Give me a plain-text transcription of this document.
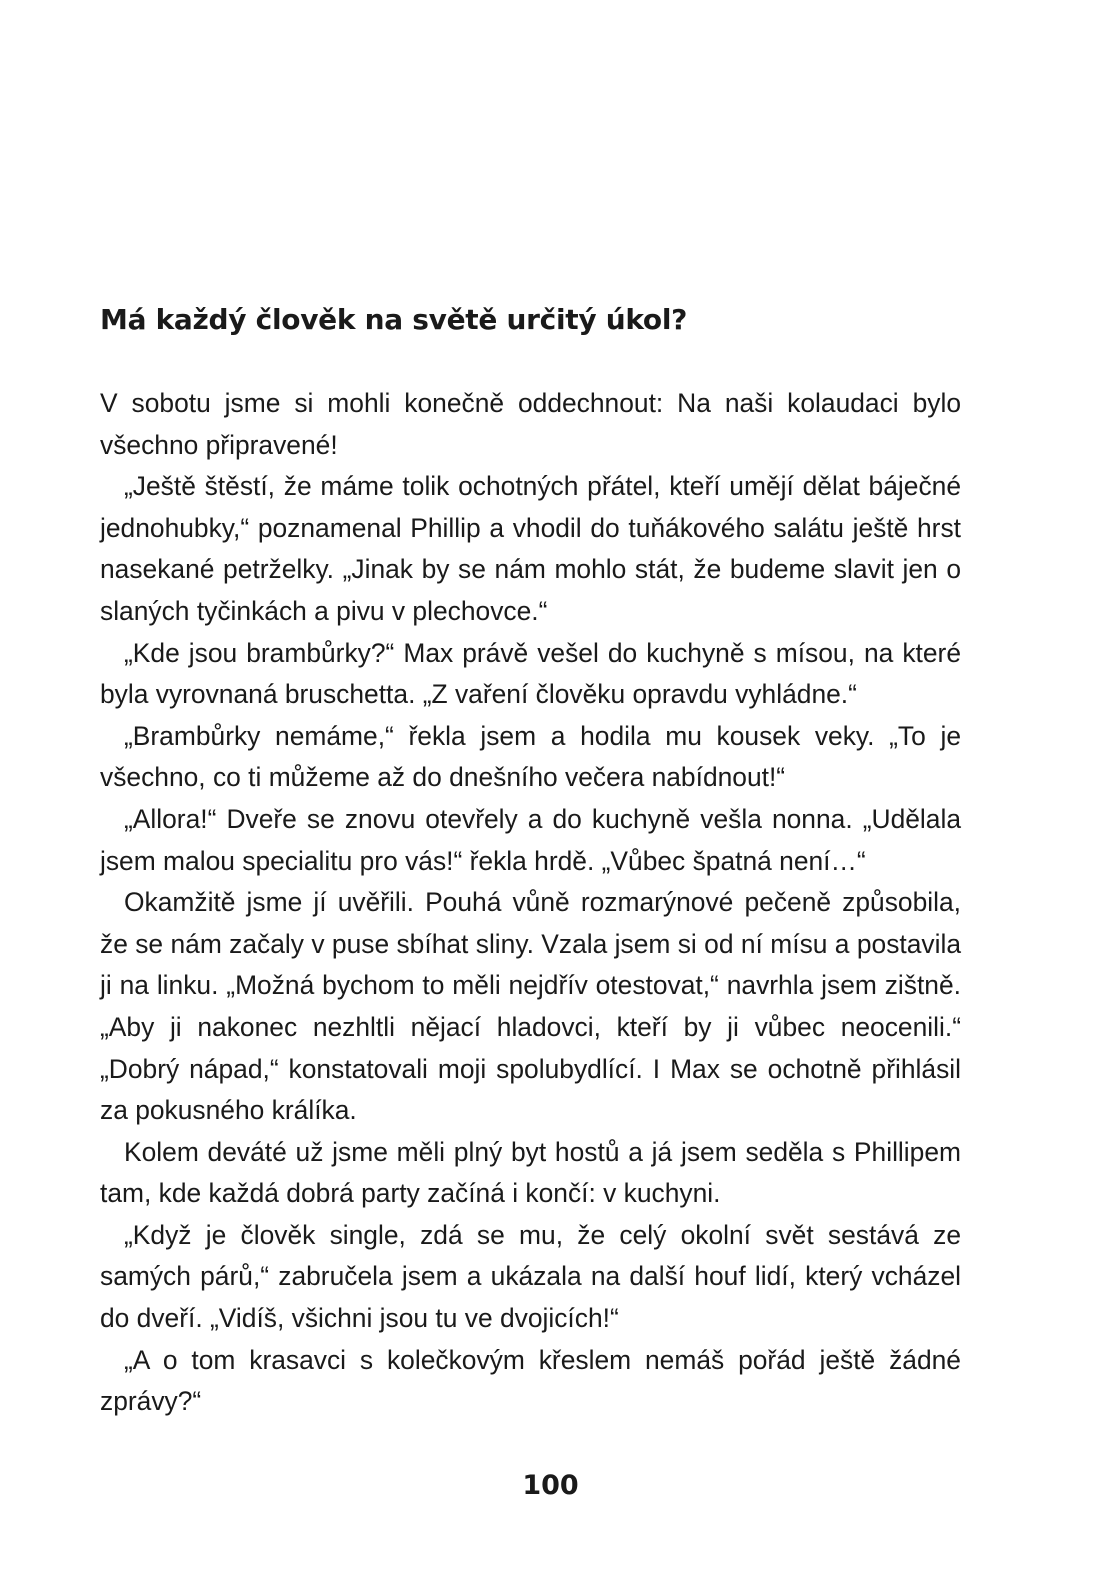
Má každý člověk na světě určitý úkol?

V sobotu jsme si mohli konečně oddechnout: Na naši kolaudaci bylo všechno připravené!

„Ještě štěstí, že máme tolik ochotných přátel, kteří umějí dělat báječné jednohubky,“ poznamenal Phillip a vhodil do tuňákového salátu ještě hrst nasekané petrželky. „Jinak by se nám mohlo stát, že budeme slavit jen o slaných tyčinkách a pivu v plechovce.“

„Kde jsou brambůrky?“ Max právě vešel do kuchyně s mísou, na které byla vyrovnaná bruschetta. „Z vaření člověku opravdu vyhládne.“

„Brambůrky nemáme,“ řekla jsem a hodila mu kousek veky. „To je všechno, co ti můžeme až do dnešního večera nabídnout!“

„Allora!“ Dveře se znovu otevřely a do kuchyně vešla nonna. „Udělala jsem malou specialitu pro vás!“ řekla hrdě. „Vůbec špatná není…“

Okamžitě jsme jí uvěřili. Pouhá vůně rozmarýnové pečeně způsobila, že se nám začaly v puse sbíhat sliny. Vzala jsem si od ní mísu a postavila ji na linku. „Možná bychom to měli nejdřív otestovat,“ navrhla jsem zištně. „Aby ji nakonec nezhltli nějací hladovci, kteří by ji vůbec neocenili.“ „Dobrý nápad,“ konstatovali moji spolubydlící. I Max se ochotně přihlásil za pokusného králíka.

Kolem deváté už jsme měli plný byt hostů a já jsem seděla s Phillipem tam, kde každá dobrá party začíná i končí: v kuchyni.

„Když je člověk single, zdá se mu, že celý okolní svět sestává ze samých párů,“ zabručela jsem a ukázala na další houf lidí, který vcházel do dveří. „Vidíš, všichni jsou tu ve dvojicích!“

„A o tom krasavci s kolečkovým křeslem nemáš pořád ještě žádné zprávy?“

100
